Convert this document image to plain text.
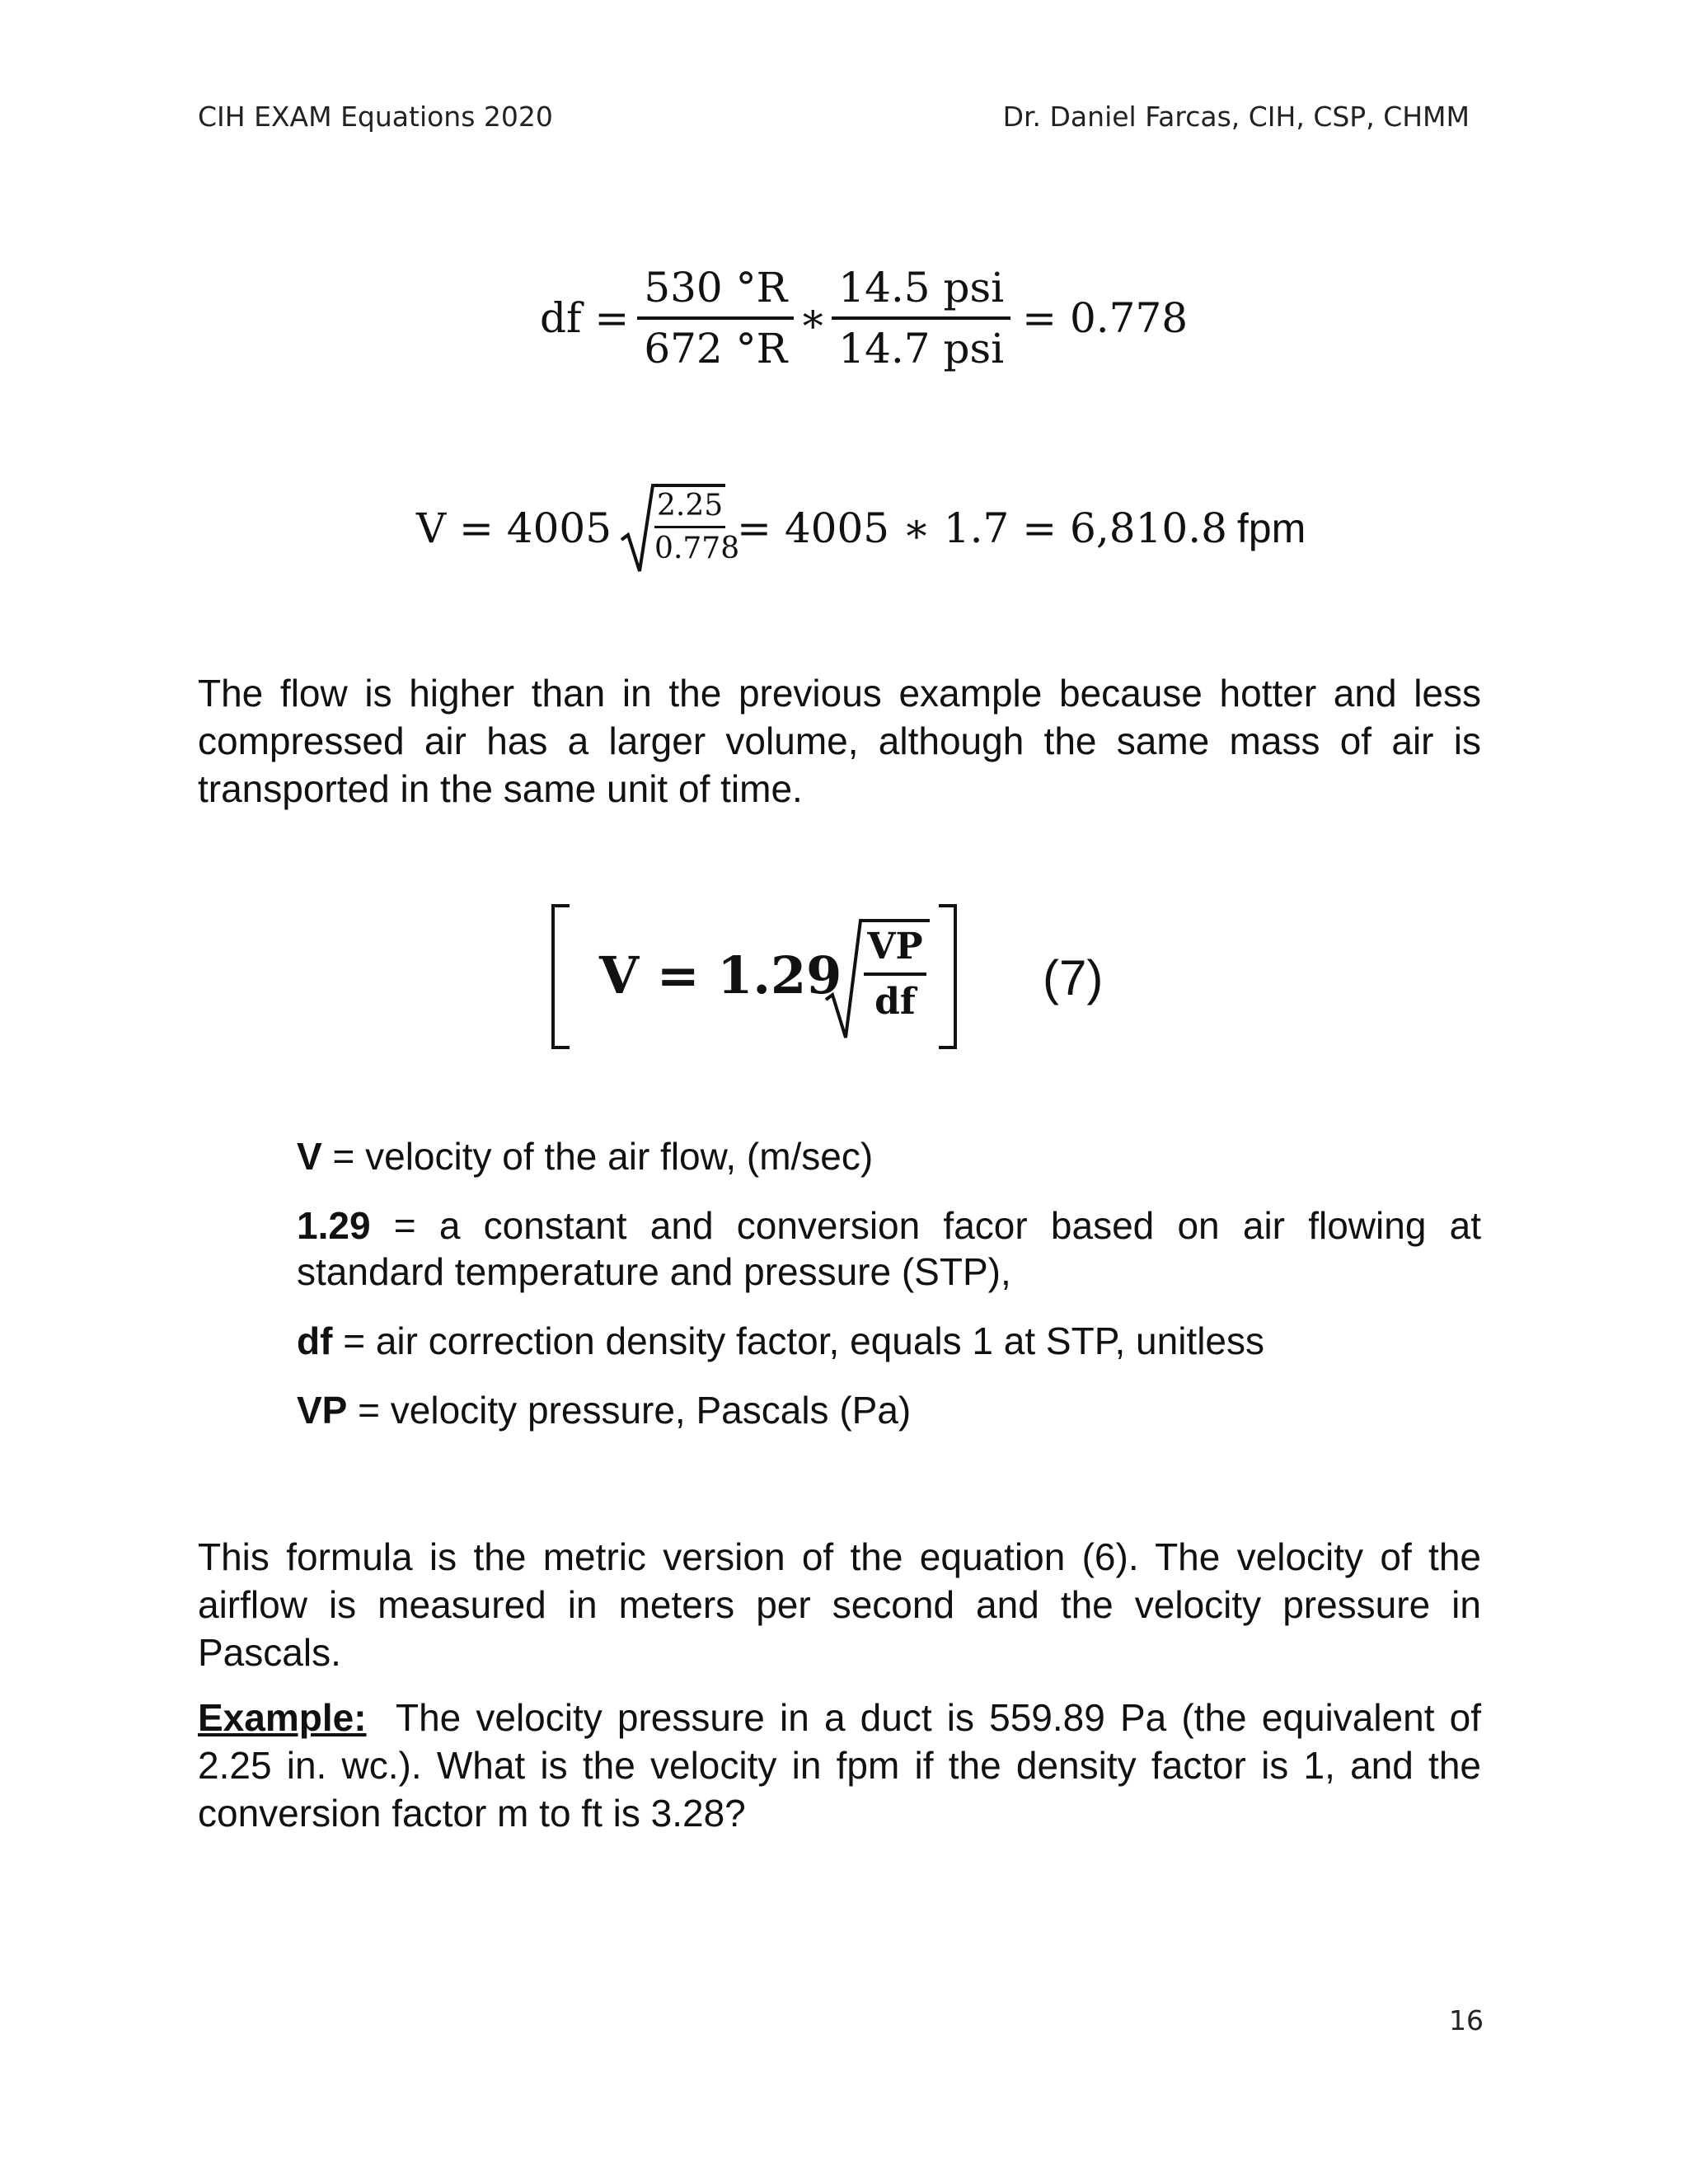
CIH EXAM Equations 2020	Dr. Daniel Farcas, CIH, CSP, CHMM
df = $\frac{530 ^\circ R}{672 ^\circ R}$ ∗ $\frac{\text{14.5 psi}}{\text{14.7 psi}} = 0.778$
$V = 4005 \frac{2.25}{0.778} = 4005$ ∗ 1.7 = 6,810.8 fpm
The flow is higher than in the previous example because hotter and less compressed air has a larger volume, although the same mass of air is transported in the same unit of time.
$V = 1.29 \frac{VP}{df} (7)$
V = velocity of the air flow, (m/sec)
1.29 = a constant and conversion facor based on air flowing at standard temperature and pressure (STP),
df = air correction density factor, equals 1 at STP, unitless
VP = velocity pressure, Pascals (Pa)
This formula is the metric version of the equation (6). The velocity of the airflow is measured in meters per second and the velocity pressure in Pascals.
Example:  The velocity pressure in a duct is 559.89 Pa (the equivalent of 2.25 in. wc.). What is the velocity in fpm if the density factor is 1, and the conversion factor m to ft is 3.28?
16
